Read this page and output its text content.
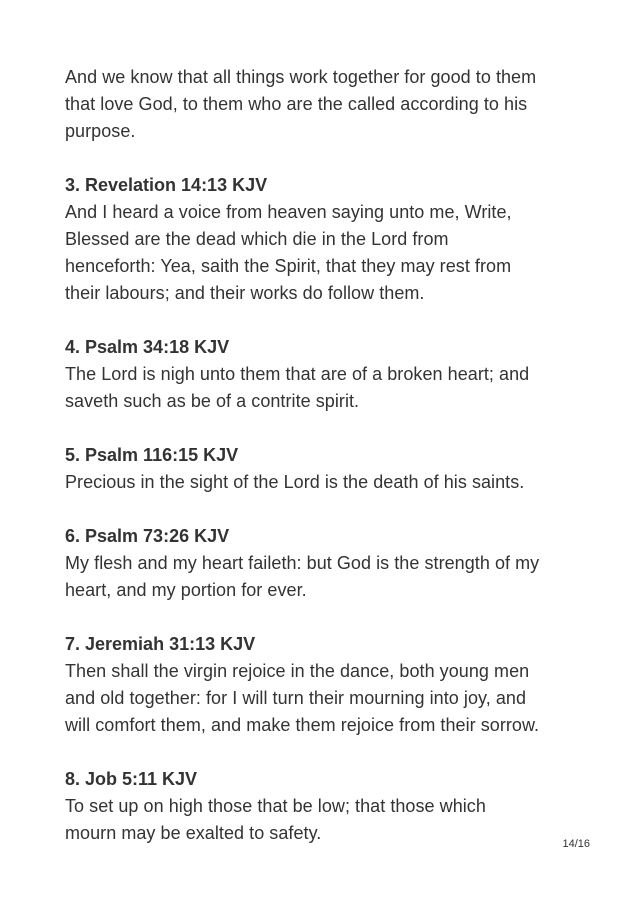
And we know that all things work together for good to them
that love God, to them who are the called according to his
purpose.

3. Revelation 14:13 KJV

And I heard a voice from heaven saying unto me, Write,
Blessed are the dead which die in the Lord from
henceforth: Yea, saith the Spirit, that they may rest from
their labours; and their works do follow them.

4. Psalm 34:18 KJV

The Lord is nigh unto them that are of a broken heart; and
saveth such as be of a contrite spirit.

5. Psalm 116:15 KJV

Precious in the sight of the Lord is the death of his saints.

6. Psalm 73:26 KJV

My flesh and my heart faileth: but God is the strength of my
heart, and my portion for ever.

7. Jeremiah 31:13 KJV

Then shall the virgin rejoice in the dance, both young men
and old together: for I will turn their mourning into joy, and
will comfort them, and make them rejoice from their sorrow.

8. Job 5:11 KJV

To set up on high those that be low; that those which
mourn may be exalted to safety.

14/16
